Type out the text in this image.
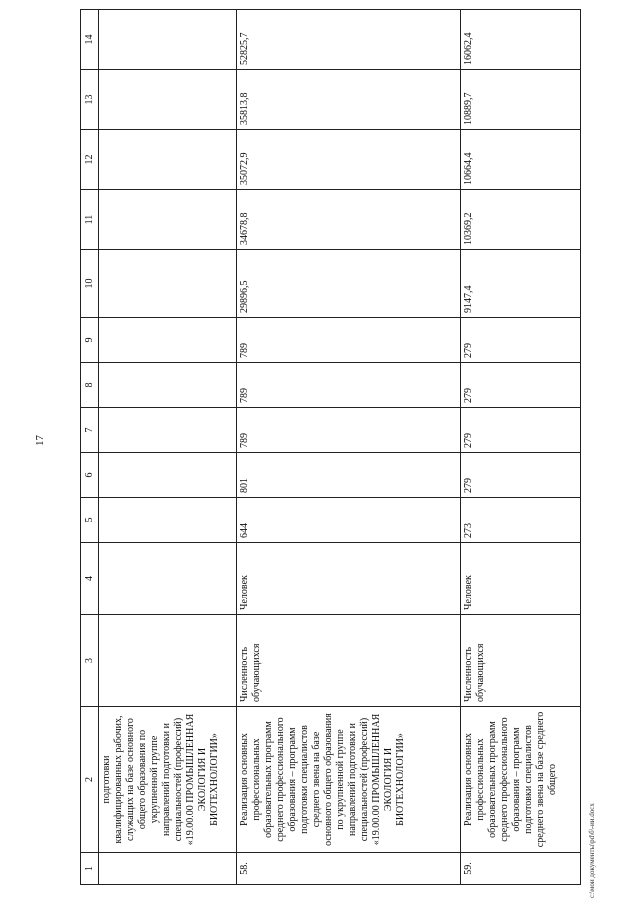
17
1	2	3	4	5	6	7	8	9	10	11	12	13	14
	подготовки квалифицированных рабочих, служащих на базе основного общего образования по укрупненной группе направлений подготовки и специальностей (профессий) «19.00.00 ПРОМЫШЛЕННАЯ ЭКОЛОГИЯ И БИОТЕХНОЛОГИИ»												
58.	Реализация основных профессиональных образовательных программ среднего профессионального образования – программ подготовки специалистов среднего звена на базе основного общего образования по укрупненной группе направлений подготовки и специальностей (профессий) «19.00.00 ПРОМЫШЛЕННАЯ ЭКОЛОГИЯ И БИОТЕХНОЛОГИИ»	Численность обучающихся	Человек	644	801	789	789	789	29896,5	34678,8	35072,9	35813,8	52825,7
59.	Реализация основных профессиональных образовательных программ среднего профессионального образования – программ подготовки специалистов среднего звена на базе среднего общего	Численность обучающихся	Человек	273	279	279	279	279	9147,4	10369,2	10664,4	10889,7	16062,4
с:\мои документы\рd\б\-ии.docx
